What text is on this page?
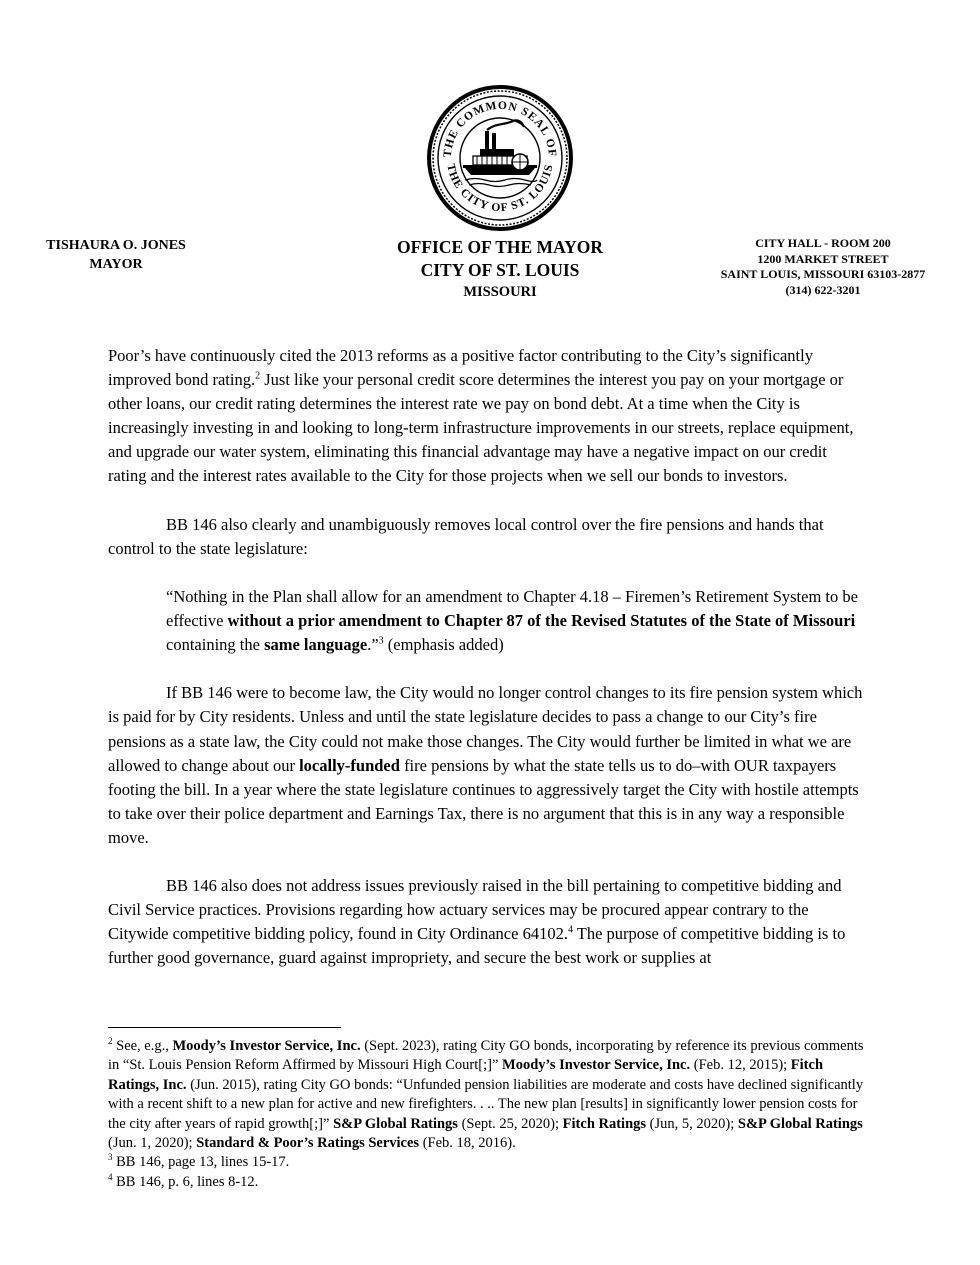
THE COMMON SEAL OF
THE CITY OF ST. LOUIS
TISHAURA O. JONES
MAYOR
OFFICE OF THE MAYOR
CITY OF ST. LOUIS
MISSOURI
CITY HALL - ROOM 200
1200 MARKET STREET
SAINT LOUIS, MISSOURI 63103-2877
(314) 622-3201

Poor’s have continuously cited the 2013 reforms as a positive factor contributing to the City’s significantly improved bond rating.$^2$ Just like your personal credit score determines the interest you pay on your mortgage or other loans, our credit rating determines the interest rate we pay on bond debt. At a time when the City is increasingly investing in and looking to long-term infrastructure improvements in our streets, replace equipment, and upgrade our water system, eliminating this financial advantage may have a negative impact on our credit rating and the interest rates available to the City for those projects when we sell our bonds to investors.

BB 146 also clearly and unambiguously removes local control over the fire pensions and hands that control to the state legislature:

“Nothing in the Plan shall allow for an amendment to Chapter 4.18 – Firemen’s Retirement System to be effective without a prior amendment to Chapter 87 of the Revised Statutes of the State of Missouri containing the same language.”$^3$ (emphasis added)

If BB 146 were to become law, the City would no longer control changes to its fire pension system which is paid for by City residents. Unless and until the state legislature decides to pass a change to our City’s fire pensions as a state law, the City could not make those changes. The City would further be limited in what we are allowed to change about our locally-funded fire pensions by what the state tells us to do–with OUR taxpayers footing the bill. In a year where the state legislature continues to aggressively target the City with hostile attempts to take over their police department and Earnings Tax, there is no argument that this is in any way a responsible move.

BB 146 also does not address issues previously raised in the bill pertaining to competitive bidding and Civil Service practices. Provisions regarding how actuary services may be procured appear contrary to the Citywide competitive bidding policy, found in City Ordinance 64102.$^4$ The purpose of competitive bidding is to further good governance, guard against impropriety, and secure the best work or supplies at

$^2$ See, e.g., Moody’s Investor Service, Inc. (Sept. 2023), rating City GO bonds, incorporating by reference its previous comments in “St. Louis Pension Reform Affirmed by Missouri High Court[;]” Moody’s Investor Service, Inc. (Feb. 12, 2015); Fitch Ratings, Inc. (Jun. 2015), rating City GO bonds: “Unfunded pension liabilities are moderate and costs have declined significantly with a recent shift to a new plan for active and new firefighters. . .. The new plan [results] in significantly lower pension costs for the city after years of rapid growth[;]” S&P Global Ratings (Sept. 25, 2020); Fitch Ratings (Jun, 5, 2020); S&P Global Ratings (Jun. 1, 2020); Standard & Poor’s Ratings Services (Feb. 18, 2016).

$^3$ BB 146, page 13, lines 15-17.

$^4$ BB 146, p. 6, lines 8-12.
